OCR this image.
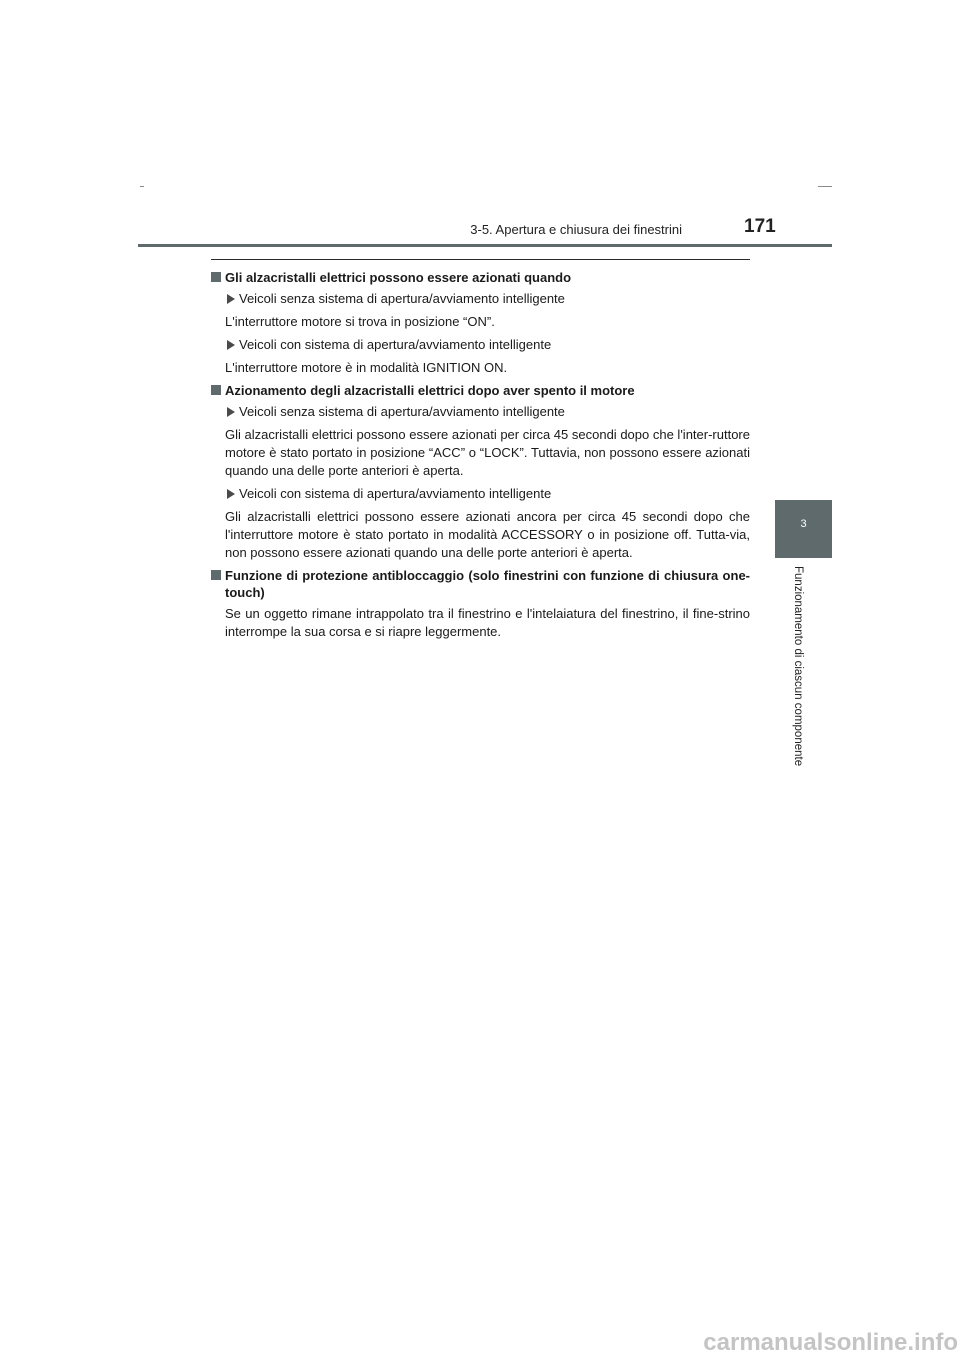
3-5. Apertura e chiusura dei finestrini	171
3
Funzionamento di ciascun componente
Gli alzacristalli elettrici possono essere azionati quando
Veicoli senza sistema di apertura/avviamento intelligente

L'interruttore motore si trova in posizione “ON”.

Veicoli con sistema di apertura/avviamento intelligente

L'interruttore motore è in modalità IGNITION ON.

Azionamento degli alzacristalli elettrici dopo aver spento il motore
Veicoli senza sistema di apertura/avviamento intelligente

Gli alzacristalli elettrici possono essere azionati per circa 45 secondi dopo che l'inter-ruttore motore è stato portato in posizione “ACC” o “LOCK”. Tuttavia, non possono essere azionati quando una delle porte anteriori è aperta.

Veicoli con sistema di apertura/avviamento intelligente

Gli alzacristalli elettrici possono essere azionati ancora per circa 45 secondi dopo che l'interruttore motore è stato portato in modalità ACCESSORY o in posizione off. Tutta-via, non possono essere azionati quando una delle porte anteriori è aperta.

Funzione di protezione antibloccaggio (solo finestrini con funzione di chiusura one-touch)

Se un oggetto rimane intrappolato tra il finestrino e l'intelaiatura del finestrino, il fine-strino interrompe la sua corsa e si riapre leggermente.

carmanualsonline.info
